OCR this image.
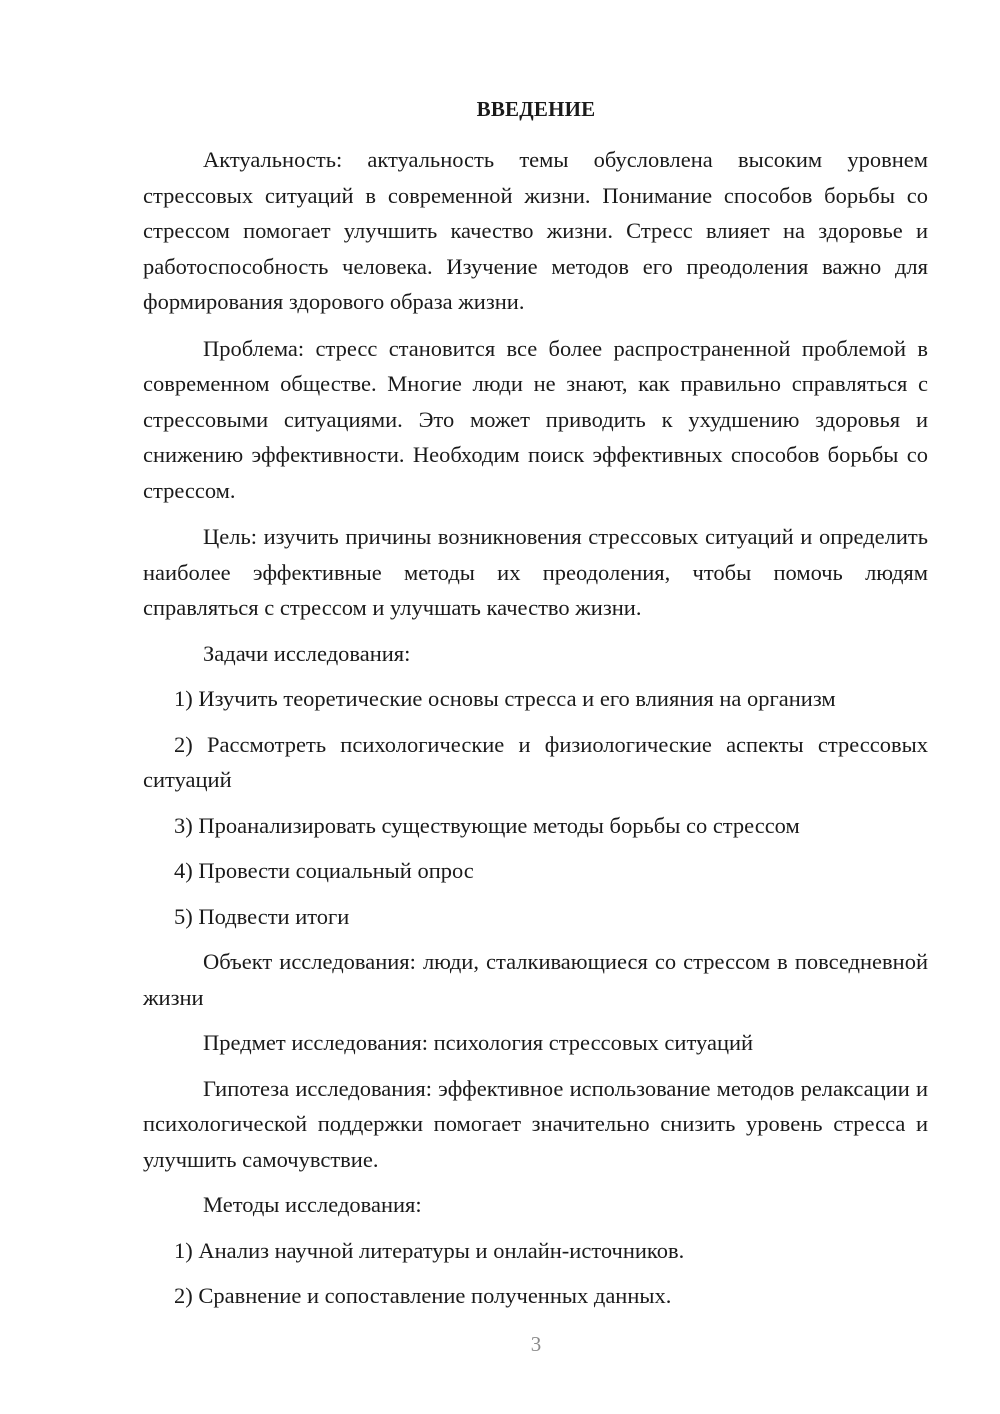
ВВЕДЕНИЕ

Актуальность: актуальность темы обусловлена высоким уровнем стрессовых ситуаций в современной жизни. Понимание способов борьбы со стрессом помогает улучшить качество жизни. Стресс влияет на здоровье и работоспособность человека. Изучение методов его преодоления важно для формирования здорового образа жизни.

Проблема: стресс становится все более распространенной проблемой в современном обществе. Многие люди не знают, как правильно справляться с стрессовыми ситуациями. Это может приводить к ухудшению здоровья и снижению эффективности. Необходим поиск эффективных способов борьбы со стрессом.

Цель: изучить причины возникновения стрессовых ситуаций и определить наиболее эффективные методы их преодоления, чтобы помочь людям справляться с стрессом и улучшать качество жизни.

Задачи исследования:

1) Изучить теоретические основы стресса и его влияния на организм

2) Рассмотреть психологические и физиологические аспекты стрессовых ситуаций

3) Проанализировать существующие методы борьбы со стрессом

4) Провести социальный опрос

5) Подвести итоги

Объект исследования: люди, сталкивающиеся со стрессом в повседневной жизни

Предмет исследования: психология стрессовых ситуаций

Гипотеза исследования: эффективное использование методов релаксации и психологической поддержки помогает значительно снизить уровень стресса и улучшить самочувствие.

Методы исследования:

1) Анализ научной литературы и онлайн-источников.

2) Сравнение и сопоставление полученных данных.

3
